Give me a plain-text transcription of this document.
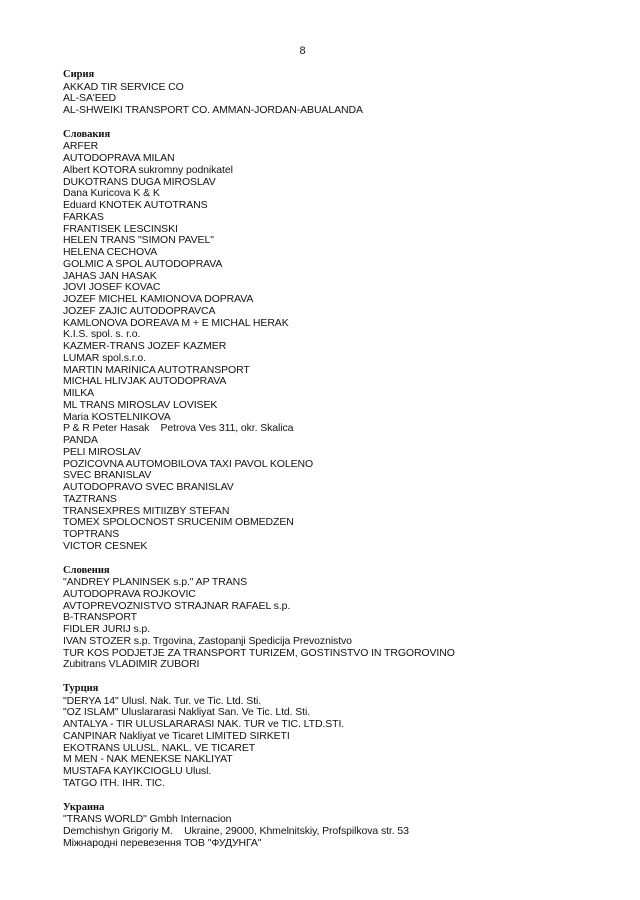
8
Сирия
AKKAD TIR SERVICE CO
AL-SA'EED
AL-SHWEIKI TRANSPORT CO. AMMAN-JORDAN-ABUALANDA
Словакия
ARFER
AUTODOPRAVA MILAN
Albert KOTORA sukromny podnikatel
DUKOTRANS DUGA MIROSLAV
Dana Kuricova K & K
Eduard KNOTEK AUTOTRANS
FARKAS
FRANTISEK LESCINSKI
HELEN TRANS "SIMON PAVEL"
HELENA CECHOVA
GOLMIC A SPOL AUTODOPRAVA
JAHAS JAN HASAK
JOVI JOSEF KOVAC
JOZEF MICHEL KAMIONOVA DOPRAVA
JOZEF ZAJIC AUTODOPRAVCA
KAMLONOVA DOREAVA M + E MICHAL HERAK
K.I.S. spol. s. r.o.
KAZMER-TRANS JOZEF KAZMER
LUMAR spol.s.r.o.
MARTIN MARINICA AUTOTRANSPORT
MICHAL HLIVJAK AUTODOPRAVA
MILKA
ML TRANS MIROSLAV LOVISEK
Maria KOSTELNIKOVA
P & R Peter Hasak    Petrova Ves 311, okr. Skalica
PANDA
PELI MIROSLAV
POZICOVNA AUTOMOBILOVA TAXI PAVOL KOLENO
SVEC BRANISLAV
AUTODOPRAVO SVEC BRANISLAV
TAZTRANS
TRANSEXPRES MITIIZBY STEFAN
TOMEX SPOLOCNOST SRUCENIM OBMEDZEN
TOPTRANS
VICTOR CESNEK
Словения
"ANDREY PLANINSEK s.p." AP TRANS
AUTODOPRAVA ROJKOVIC
AVTOPREVOZNISTVO STRAJNAR RAFAEL s.p.
B-TRANSPORT
FIDLER JURIJ s.p.
IVAN STOZER s.p. Trgovina, Zastopanji Spedicija Prevoznistvo
TUR KOS PODJETJE ZA TRANSPORT TURIZEM, GOSTINSTVO IN TRGOROVINO
Zubitrans VLADIMIR ZUBORI
Турция
"DERYA 14" Ulusl. Nak. Tur. ve Tic. Ltd. Sti.
"OZ ISLAM" Uluslararasi Nakliyat San. Ve Tic. Ltd. Sti.
ANTALYA - TIR ULUSLARARASI NAK. TUR ve TIC. LTD.STI.
CANPINAR Nakliyat ve Ticaret LIMITED SIRKETI
EKOTRANS ULUSL. NAKL. VE TICARET
M MEN - NAK MENEKSE NAKLIYAT
MUSTAFA KAYIKCIOGLU Ulusl.
TATGO ITH. IHR. TIC.
Украина
"TRANS WORLD" Gmbh Internacion
Demchishyn Grigoriy M.    Ukraine, 29000, Khmelnitskiy, Profspilkova str. 53
Міжнародні перевезення ТОВ "ФУДУНГА"
